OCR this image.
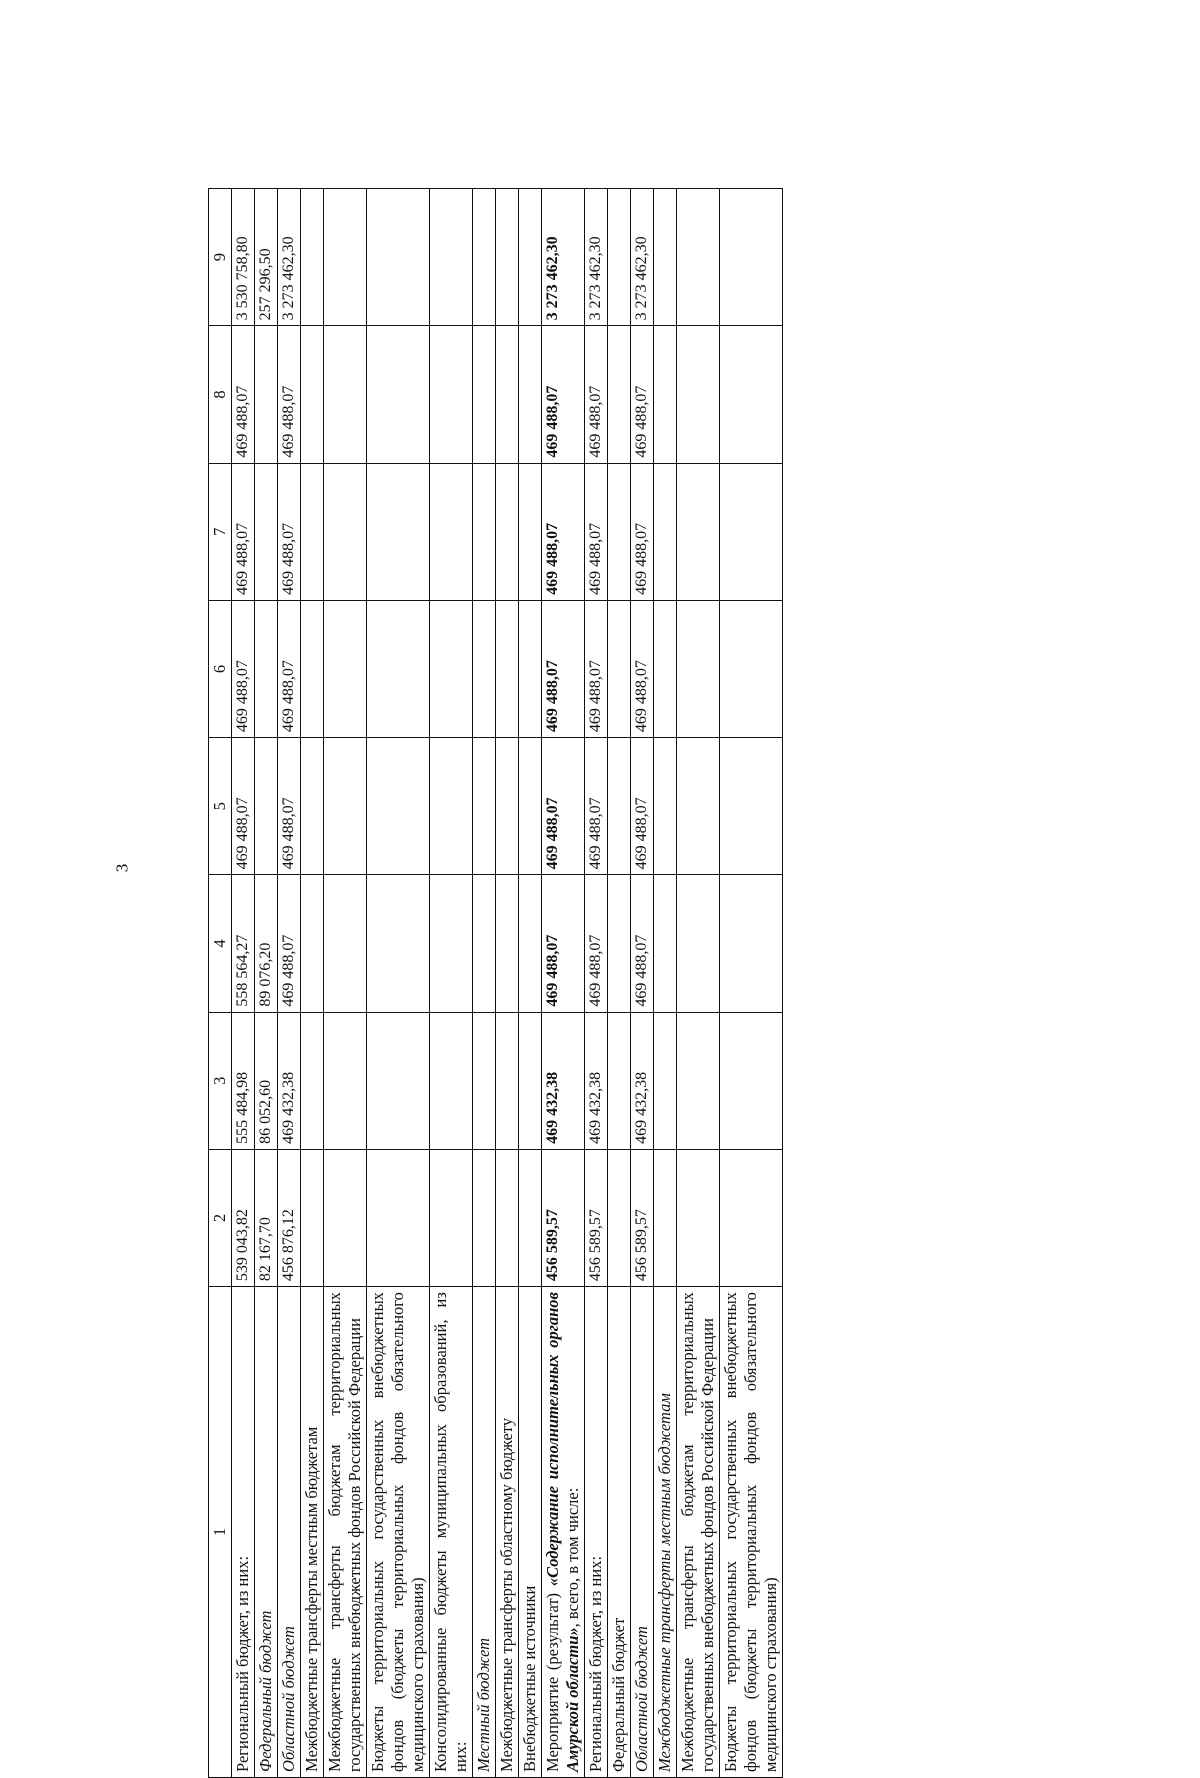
3
1	2	3	4	5	6	7	8	9
Региональный бюджет, из них:	539 043,82	555 484,98	558 564,27	469 488,07	469 488,07	469 488,07	469 488,07	3 530 758,80
Федеральный бюджет	82 167,70	86 052,60	89 076,20					257 296,50
Областной бюджет	456 876,12	469 432,38	469 488,07	469 488,07	469 488,07	469 488,07	469 488,07	3 273 462,30
Межбюджетные трансферты местным бюджетам								
Межбюджетные трансферты бюджетам территориальных государственных внебюджетных фондов Российской Федерации								
Бюджеты территориальных государственных внебюджетных фондов (бюджеты территориальных фондов обязательного медицинского страхования)								
Консолидированные бюджеты муниципальных образований, из них:								
Местный бюджет								
Межбюджетные трансферты областному бюджету								
Внебюджетные источники								
Мероприятие (результат) «Содержание исполнительных органов Амурской области», всего, в том числе:	456 589,57	469 432,38	469 488,07	469 488,07	469 488,07	469 488,07	469 488,07	3 273 462,30
Региональный бюджет, из них:	456 589,57	469 432,38	469 488,07	469 488,07	469 488,07	469 488,07	469 488,07	3 273 462,30
Федеральный бюджет								
Областной бюджет	456 589,57	469 432,38	469 488,07	469 488,07	469 488,07	469 488,07	469 488,07	3 273 462,30
Межбюджетные трансферты местным бюджетам								
Межбюджетные трансферты бюджетам территориальных государственных внебюджетных фондов Российской Федерации								
Бюджеты территориальных государственных внебюджетных фондов (бюджеты территориальных фондов обязательного медицинского страхования)								
